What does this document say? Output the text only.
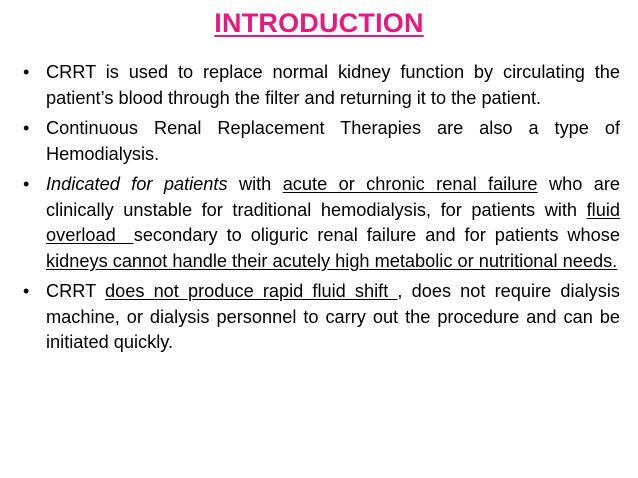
INTRODUCTION
• CRRT is used to replace normal kidney function by circulating the patient’s blood through the filter and returning it to the patient.
• Continuous Renal Replacement Therapies are also a type of Hemodialysis.
• Indicated for patients with acute or chronic renal failure who are clinically unstable for traditional hemodialysis, for patients with fluid overload secondary to oliguric renal failure and for patients whose kidneys cannot handle their acutely high metabolic or nutritional needs.
• CRRT does not produce rapid fluid shift , does not require dialysis machine, or dialysis personnel to carry out the procedure and can be initiated quickly.
